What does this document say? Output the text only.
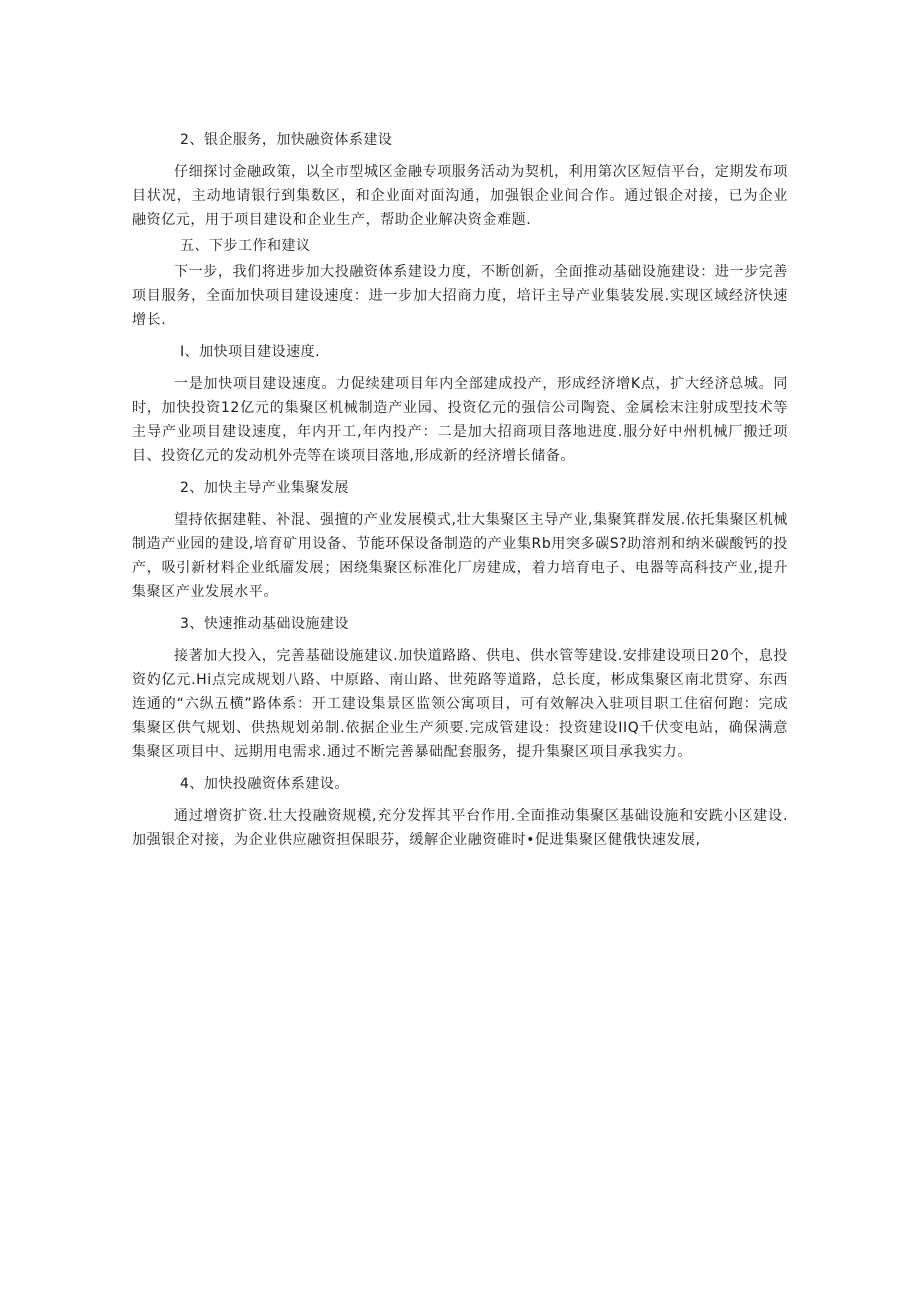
2、银企服务，加快融资体系建设

仔细探讨金融政策，以全市型城区金融专项服务活动为契机，利用第次区短信平台，定期发布项目状况，主动地请银行到集数区，和企业面对面沟通，加强银企业间合作。通过银企对接，已为企业融资亿元，用于项目建设和企业生产，帮助企业解决资金难题.

五、下步工作和建议

下一步，我们将进步加大投融资体系建设力度，不断创新，全面推动基础设施建设：进一步完善项目服务，全面加快项目建设速度：进一步加大招商力度，培讦主导产业集装发展.实现区域经济快速增长.

I、加快项目建设速度.

一是加快项目建设速度。力促续建项目年内全部建成投产，形成经济增K点，扩大经济总城。同时，加快投资12亿元的集聚区机械制造产业园、投资亿元的强信公司陶瓷、金属桧末注射成型技术等主导产业项目建设速度，年内开工,年内投产：二是加大招商项目落地进度.服分好中州机械厂搬迁项目、投资亿元的发动机外壳等在谈项目落地,形成新的经济增长储备。

2、加快主导产业集聚发展

望持依据建鞋、补混、强擅的产业发展模式,壮大集聚区主导产业,集聚箕群发展.依托集聚区机械制造产业园的建设,培育矿用设备、节能环保设备制造的产业集Rb用突多碳S?助溶剂和纳米碳酸钙的投产，吸引新材料企业纸靥发展；困绕集聚区标准化厂房建成，着力培育电子、电器等高科技产业,提升集聚区产业发展水平。

3、快速推动基础设施建设

接著加大投入，完善基础设施建议.加快道路路、供电、供水管等建设.安排建设项日20个，息投资妁亿元.Hi点完成规划八路、中原路、南山路、世苑路等道路，总长度，彬成集聚区南北贯穿、东西连通的“六纵五横”路体系：开工建设集景区监领公寓项目，可有效解决入驻项目职工住宿何跑：完成集聚区供气规划、供热规划弟制.依据企业生产须要.完成管建设：投资建设IIQ千伏变电站，确保满意集聚区项目中、远期用电需求.通过不断完善暴础配套服务，提升集聚区项目承我实力。

4、加快投融资体系建设。

通过增资扩资.壮大投融资规模,充分发挥其平台作用.全面推动集聚区基础设施和安跣小区建设.加强银企对接，为企业供应融资担保眼芬，缓解企业融资碓时•促进集聚区健俄快速发展,
